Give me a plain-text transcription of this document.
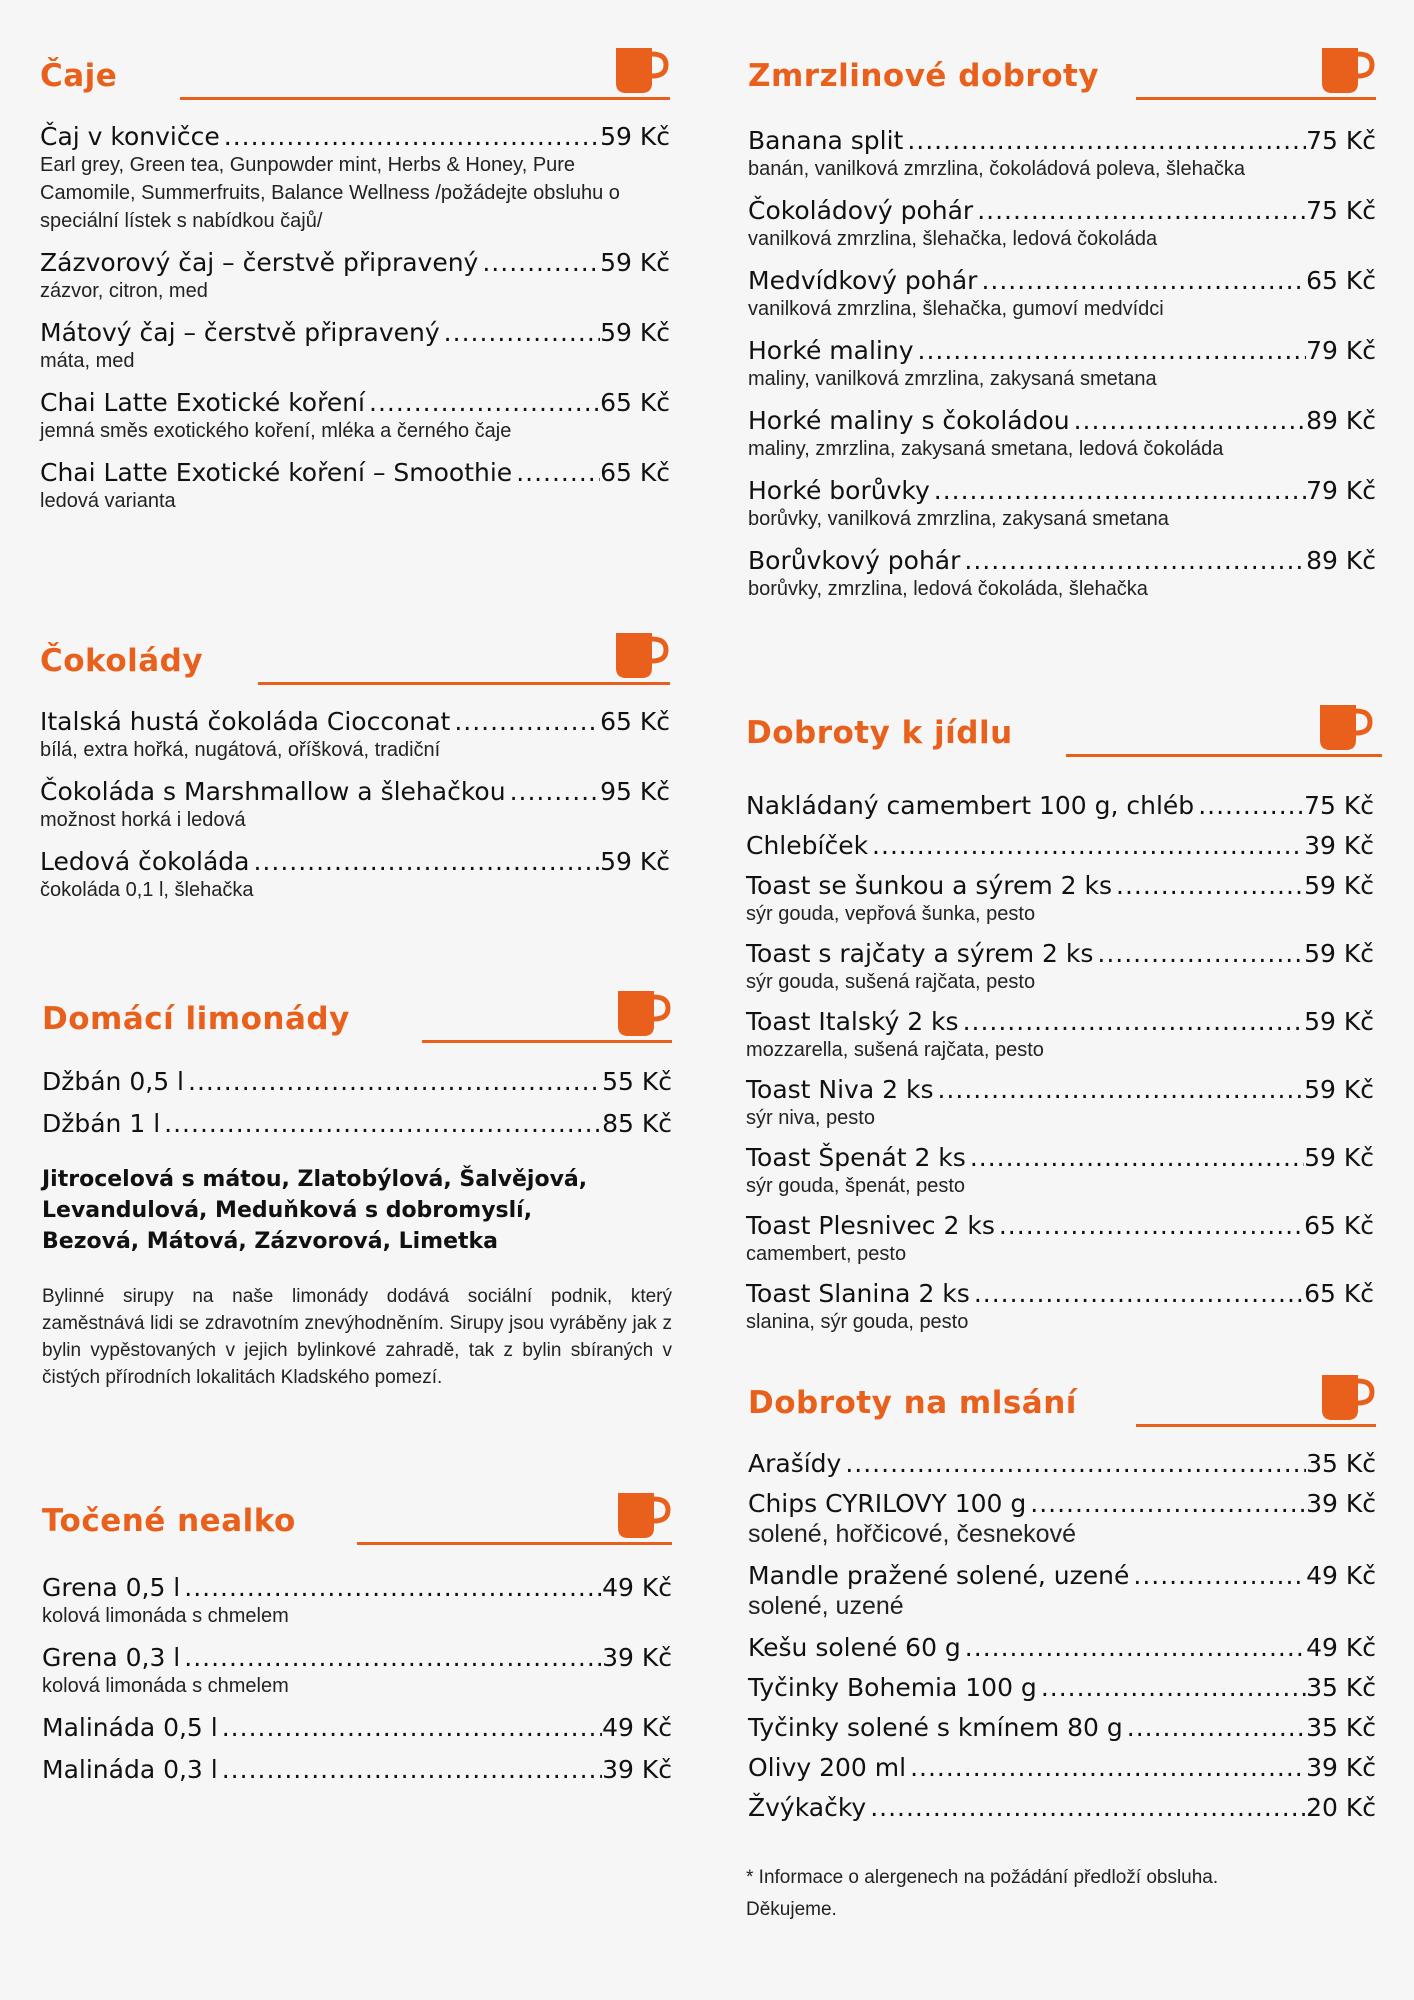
Čaje
Čaj v konvičce .....	59 Kč
Earl grey, Green tea, Gunpowder mint, Herbs & Honey, Pure Camomile, Summerfruits, Balance Wellness /požádejte obsluhu o speciální lístek s nabídkou čajů/
Zázvorový čaj – čerstvě připravený .....	59 Kč
zázvor, citron, med
Mátový čaj – čerstvě připravený .....	59 Kč
máta, med
Chai Latte Exotické koření .....	65 Kč
jemná směs exotického koření, mléka a černého čaje
Chai Latte Exotické koření – Smoothie .....	65 Kč
ledová varianta
Čokolády
Italská hustá čokoláda Ciocconat .....	65 Kč
bílá, extra hořká, nugátová, oříšková, tradiční
Čokoláda s Marshmallow a šlehačkou .....	95 Kč
možnost horká i ledová
Ledová čokoláda .....	59 Kč
čokoláda 0,1 l, šlehačka
Domácí limonády
Džbán 0,5 l .....	55 Kč
Džbán 1 l .....	85 Kč
Jitrocelová s mátou, Zlatobýlová, Šalvějová, Levandulová, Meduňková s dobromyslí, Bezová, Mátová, Zázvorová, Limetka
Bylinné sirupy na naše limonády dodává sociální podnik, který zaměstnává lidi se zdravotním znevýhodněním. Sirupy jsou vyráběny jak z bylin vypěstovaných v jejich bylinkové zahradě, tak z bylin sbíraných v čistých přírodních lokalitách Kladského pomezí.
Točené nealko
Grena 0,5 l .....	49 Kč
kolová limonáda s chmelem
Grena 0,3 l .....	39 Kč
kolová limonáda s chmelem
Malináda 0,5 l .....	49 Kč
Malináda 0,3 l .....	39 Kč
Zmrzlinové dobroty
Banana split .....	75 Kč
banán, vanilková zmrzlina, čokoládová poleva, šlehačka
Čokoládový pohár .....	75 Kč
vanilková zmrzlina, šlehačka, ledová čokoláda
Medvídkový pohár .....	65 Kč
vanilková zmrzlina, šlehačka, gumoví medvídci
Horké maliny .....	79 Kč
maliny, vanilková zmrzlina, zakysaná smetana
Horké maliny s čokoládou .....	89 Kč
maliny, zmrzlina, zakysaná smetana, ledová čokoláda
Horké borůvky .....	79 Kč
borůvky, vanilková zmrzlina, zakysaná smetana
Borůvkový pohár .....	89 Kč
borůvky, zmrzlina, ledová čokoláda, šlehačka
Dobroty k jídlu
Nakládaný camembert 100 g, chléb .....	75 Kč
Chlebíček .....	39 Kč
Toast se šunkou a sýrem 2 ks .....	59 Kč
sýr gouda, vepřová šunka, pesto
Toast s rajčaty a sýrem 2 ks .....	59 Kč
sýr gouda, sušená rajčata, pesto
Toast Italský 2 ks .....	59 Kč
mozzarella, sušená rajčata, pesto
Toast Niva 2 ks .....	59 Kč
sýr niva, pesto
Toast Špenát 2 ks .....	59 Kč
sýr gouda, špenát, pesto
Toast Plesnivec 2 ks .....	65 Kč
camembert, pesto
Toast Slanina 2 ks .....	65 Kč
slanina, sýr gouda, pesto
Dobroty na mlsání
Arašídy .....	35 Kč
Chips CYRILOVY 100 g .....	39 Kč
solené, hořčicové, česnekové
Mandle pražené solené, uzené .....	49 Kč
solené, uzené
Kešu solené 60 g .....	49 Kč
Tyčinky Bohemia 100 g .....	35 Kč
Tyčinky solené s kmínem 80 g .....	35 Kč
Olivy 200 ml .....	39 Kč
Žvýkačky .....	20 Kč
* Informace o alergenech na požádání předloží obsluha.
Děkujeme.
